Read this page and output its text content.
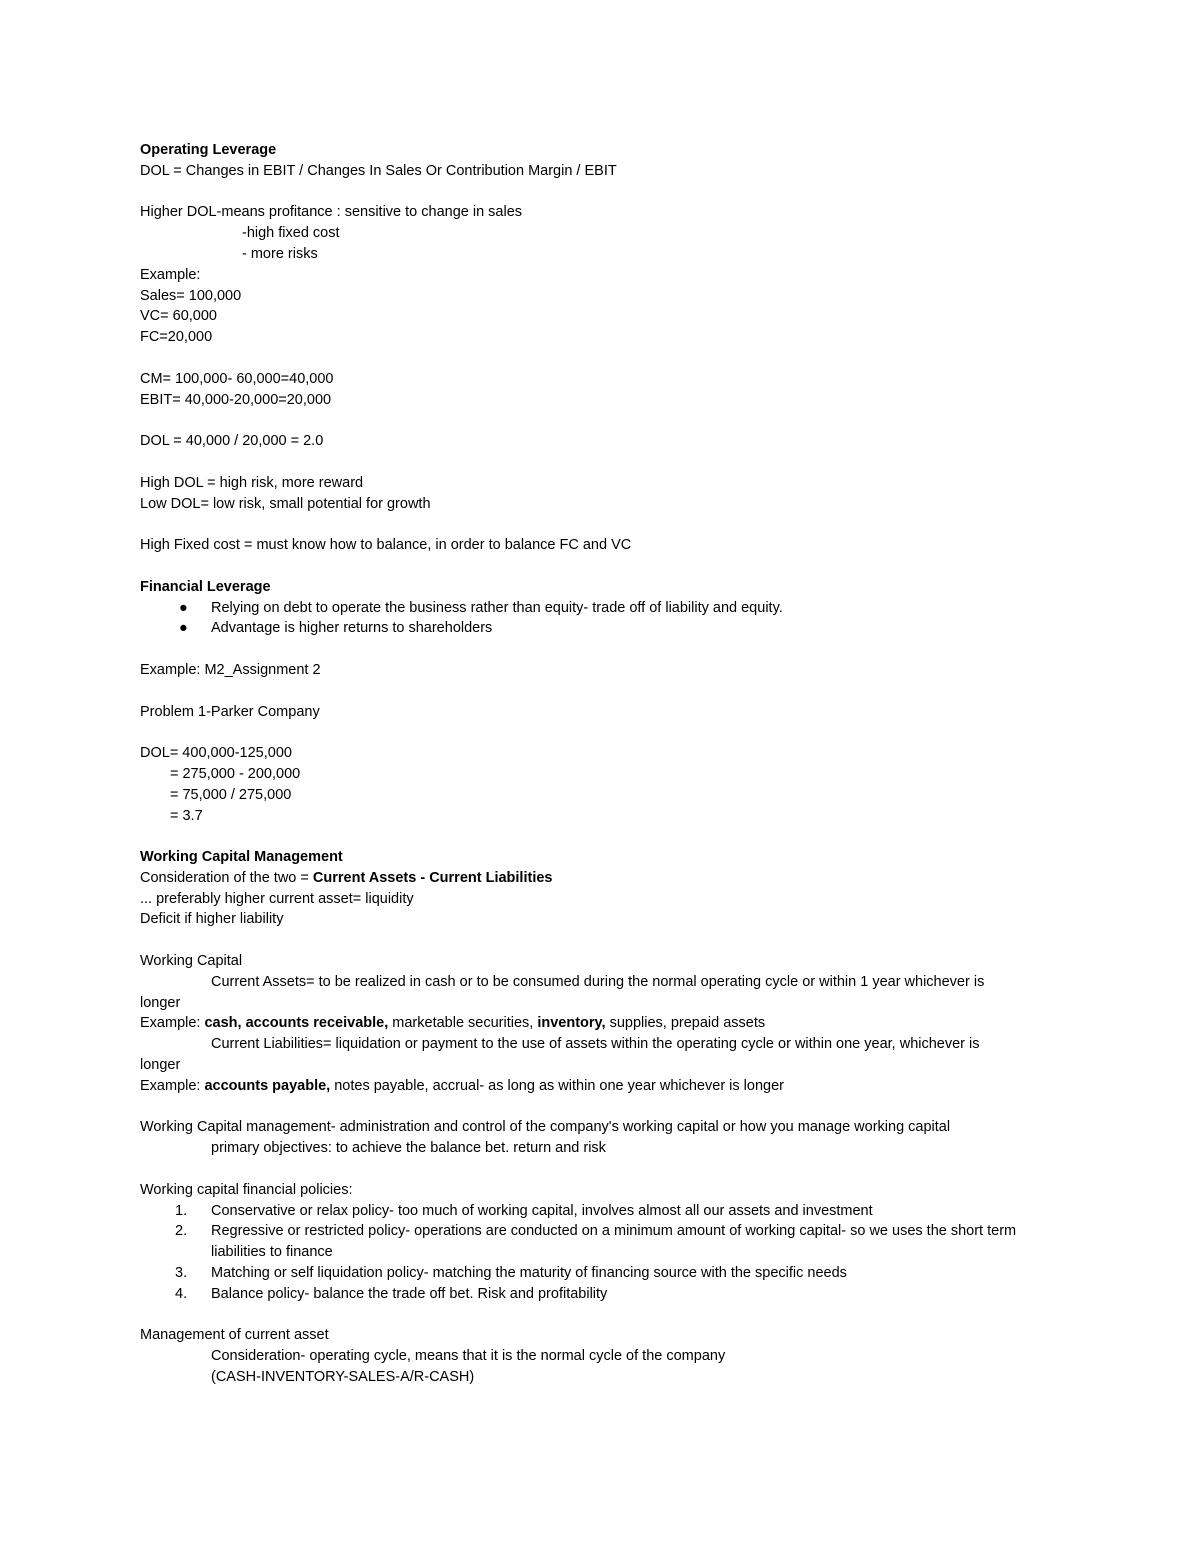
Operating Leverage
DOL = Changes in EBIT / Changes In Sales Or Contribution Margin / EBIT
Higher DOL-means profitance : sensitive to change in sales
-high fixed cost
- more risks
Example:
Sales= 100,000
VC= 60,000
FC=20,000
CM= 100,000- 60,000=40,000
EBIT= 40,000-20,000=20,000
DOL = 40,000 / 20,000 = 2.0
High DOL = high risk, more reward
Low DOL= low risk, small potential for growth
High Fixed cost = must know how to balance, in order to balance FC and VC
Financial Leverage
● Relying on debt to operate the business rather than equity- trade off of liability and equity.
● Advantage is higher returns to shareholders
Example: M2_Assignment 2
Problem 1-Parker Company
DOL= 400,000-125,000
= 275,000 - 200,000
= 75,000 / 275,000
= 3.7
Working Capital Management
Consideration of the two = Current Assets - Current Liabilities
... preferably higher current asset= liquidity
Deficit if higher liability
Working Capital
Current Assets= to be realized in cash or to be consumed during the normal operating cycle or within 1 year whichever is
longer
Example: cash, accounts receivable, marketable securities, inventory, supplies, prepaid assets
Current Liabilities= liquidation or payment to the use of assets within the operating cycle or within one year, whichever is
longer
Example: accounts payable, notes payable, accrual- as long as within one year whichever is longer
Working Capital management- administration and control of the company's working capital or how you manage working capital
primary objectives: to achieve the balance bet. return and risk
Working capital financial policies:
1. Conservative or relax policy- too much of working capital, involves almost all our assets and investment
2. Regressive or restricted policy- operations are conducted on a minimum amount of working capital- so we uses the short term liabilities to finance
3. Matching or self liquidation policy- matching the maturity of financing source with the specific needs
4. Balance policy- balance the trade off bet. Risk and profitability
Management of current asset
Consideration- operating cycle, means that it is the normal cycle of the company
(CASH-INVENTORY-SALES-A/R-CASH)
